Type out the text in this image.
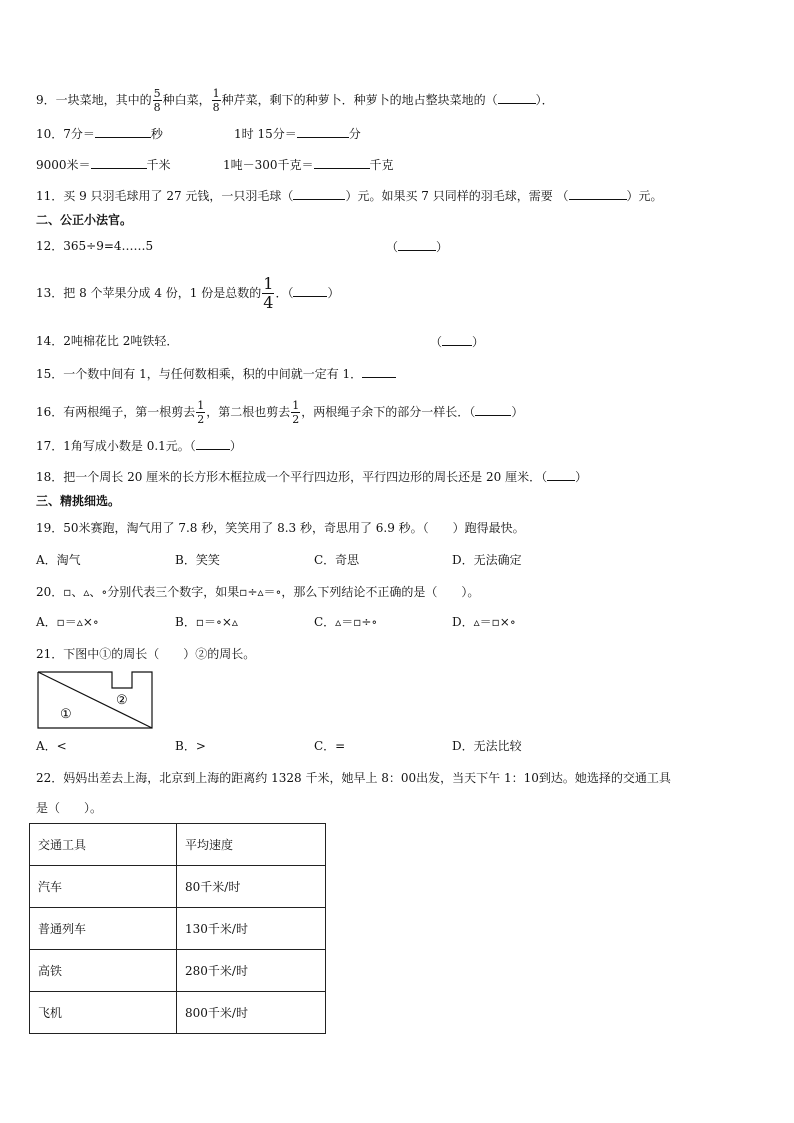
9．一块菜地，其中的 $\frac{5}{8}$ 种白菜， $\frac{1}{8}$ 种芹菜，剩下的种萝卜．种萝卜的地占整块菜地的（	）．
10．7分＝	秒	1时 15分＝	分
9000米＝	千米	1吨－300千克＝	千克
11．买 9 只羽毛球用了 27 元钱，一只羽毛球（	）元。如果买 7 只同样的羽毛球，需要 （	）元。
二、公正小法官。
12．365÷9=4……5	（	）
13．把 8 个苹果分成 4 份，1 份是总数的 $\frac{1}{4}$ ．（	）
14．2吨棉花比 2吨铁轻．	（	）
15．一个数中间有 1，与任何数相乘，积的中间就一定有 1．
16．有两根绳子，第一根剪去 $\frac{1}{2}$ ，第二根也剪去 $\frac{1}{2}$ ，两根绳子余下的部分一样长．（	）
17．1角写成小数是 0.1元。（	）
18．把一个周长 20 厘米的长方形木框拉成一个平行四边形，平行四边形的周长还是 20 厘米．（ ）
三、精挑细选。
19．50米赛跑，淘气用了 7.8 秒，笑笑用了 8.3 秒，奇思用了 6.9 秒。（　　）跑得最快。
A．淘气	B．笑笑	C．奇思	D．无法确定
20．▫、▵、∘分别代表三个数字，如果▫÷▵＝∘，那么下列结论不正确的是（　　）。
A．▫＝▵×∘	B．▫＝∘×▵	C．▵＝▫÷∘	D．▵＝▫×∘
21．下图中①的周长（　　）②的周长。
①
②
A．<	B．>	C．=	D．无法比较
22．妈妈出差去上海，北京到上海的距离约 1328 千米，她早上 8：00出发，当天下午 1：10到达。她选择的交通工具
是（　　）。
交通工具	平均速度
汽车	80千米/时
普通列车	130千米/时
高铁	280千米/时
飞机	800千米/时
